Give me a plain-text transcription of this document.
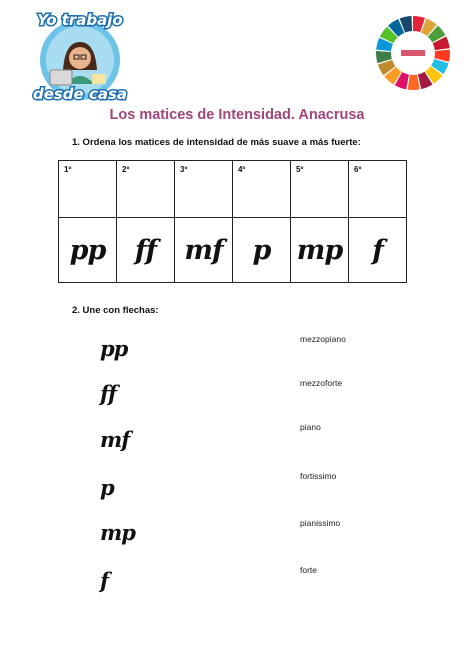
Yo trabajo
desde casa
Los matices de Intensidad. Anacrusa
1. Ordena los matices de intensidad de más suave a más fuerte:
1º	2º	3º	4º	5º	6º
pp	ff	mf	p	mp	f
2. Une con flechas:
pp
ff
mf
p
mp
f
mezzopiano
mezzoforte
piano
fortissimo
pianissimo
forte
